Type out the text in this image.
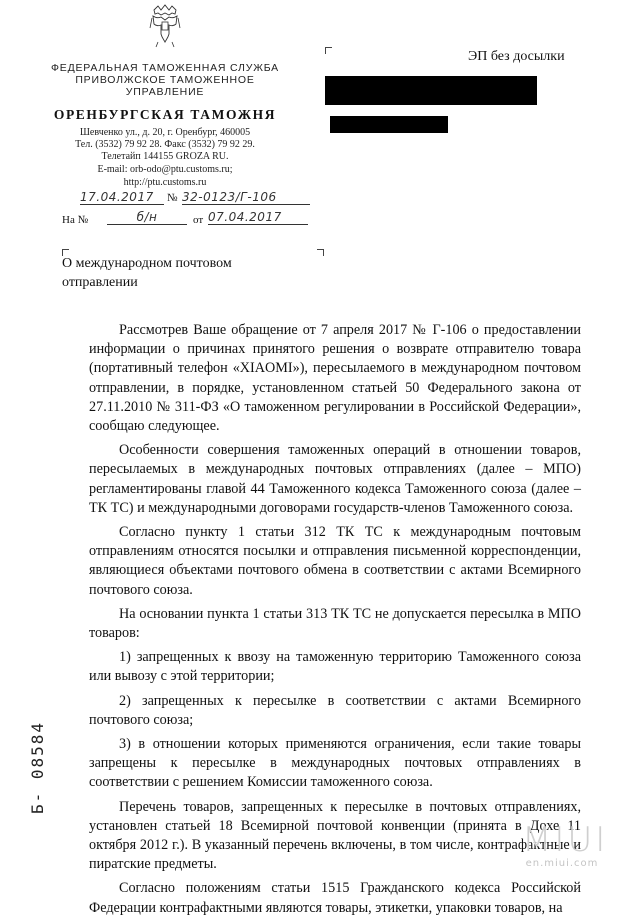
ФЕДЕРАЛЬНАЯ ТАМОЖЕННАЯ СЛУЖБА
ПРИВОЛЖСКОЕ ТАМОЖЕННОЕ
УПРАВЛЕНИЕ
ОРЕНБУРГСКАЯ ТАМОЖНЯ
Шевченко ул., д. 20, г. Оренбург, 460005
Тел. (3532) 79 92 28. Факс (3532) 79 92 29.
Телетайп 144155 GROZA RU.
E-mail: orb-odo@ptu.customs.ru;
http://ptu.customs.ru
17.04.2017	№ 32-0123/Г-106
На №	б/н	от 07.04.2017
О международном почтовом отправлении
ЭП без досылки

Рассмотрев Ваше обращение от 7 апреля 2017 № Г-106 о предоставлении информации о причинах принятого решения о возврате отправителю товара (портативный телефон «XIAOMI»), пересылаемого в международном почтовом отправлении, в порядке, установленном статьей 50 Федерального закона от 27.11.2010 № 311-ФЗ «О таможенном регулировании в Российской Федерации», сообщаю следующее.

Особенности совершения таможенных операций в отношении товаров, пересылаемых в международных почтовых отправлениях (далее – МПО) регламентированы главой 44 Таможенного кодекса Таможенного союза (далее – ТК ТС) и международными договорами государств-членов Таможенного союза.

Согласно пункту 1 статьи 312 ТК ТС к международным почтовым отправлениям относятся посылки и отправления письменной корреспонденции, являющиеся объектами почтового обмена в соответствии с актами Всемирного почтового союза.

На основании пункта 1 статьи 313 ТК ТС не допускается пересылка в МПО товаров:

1) запрещенных к ввозу на таможенную территорию Таможенного союза или вывозу с этой территории;

2) запрещенных к пересылке в соответствии с актами Всемирного почтового союза;

3) в отношении которых применяются ограничения, если такие товары запрещены к пересылке в международных почтовых отправлениях в соответствии с решением Комиссии таможенного союза.

Перечень товаров, запрещенных к пересылке в почтовых отправлениях, установлен статьей 18 Всемирной почтовой конвенции (принята в Дохе 11 октября 2012 г.). В указанный перечень включены, в том числе, контрафактные и пиратские предметы.

Согласно положениям статьи 1515 Гражданского кодекса Российской Федерации контрафактными являются товары, этикетки, упаковки товаров, на

Б- 08584
MIUI
en.miui.com
